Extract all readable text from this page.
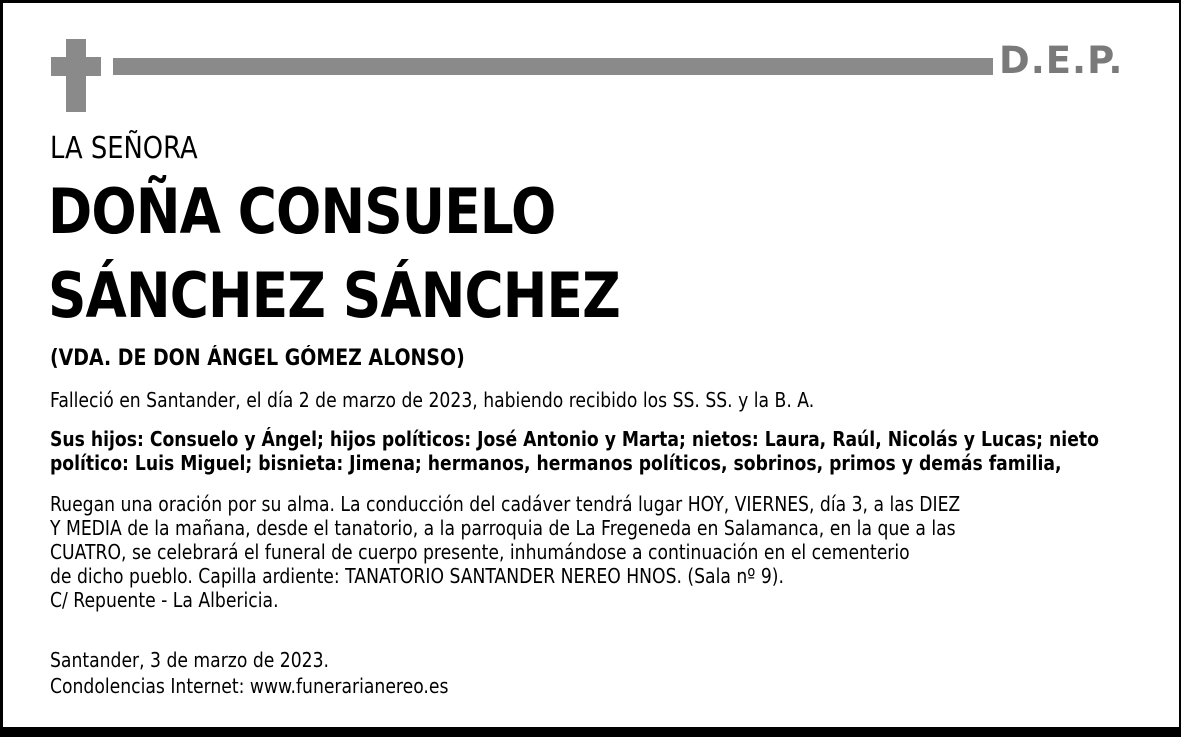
D.E.P.
LA SEÑORA
DOÑA CONSUELO
SÁNCHEZ SÁNCHEZ
(VDA. DE DON ÁNGEL GÓMEZ ALONSO)
Falleció en Santander, el día 2 de marzo de 2023, habiendo recibido los SS. SS. y la B. A.
Sus hijos: Consuelo y Ángel; hijos políticos: José Antonio y Marta; nietos: Laura, Raúl, Nicolás y Lucas; nieto
político: Luis Miguel; bisnieta: Jimena; hermanos, hermanos políticos, sobrinos, primos y demás familia,
Ruegan una oración por su alma. La conducción del cadáver tendrá lugar HOY, VIERNES, día 3, a las DIEZ
Y MEDIA de la mañana, desde el tanatorio, a la parroquia de La Fregeneda en Salamanca, en la que a las
CUATRO, se celebrará el funeral de cuerpo presente, inhumándose a continuación en el cementerio
de dicho pueblo. Capilla ardiente: TANATORIO SANTANDER NEREO HNOS. (Sala nº 9).
C/ Repuente - La Albericia.
Santander, 3 de marzo de 2023.
Condolencias Internet: www.funerarianereo.es
